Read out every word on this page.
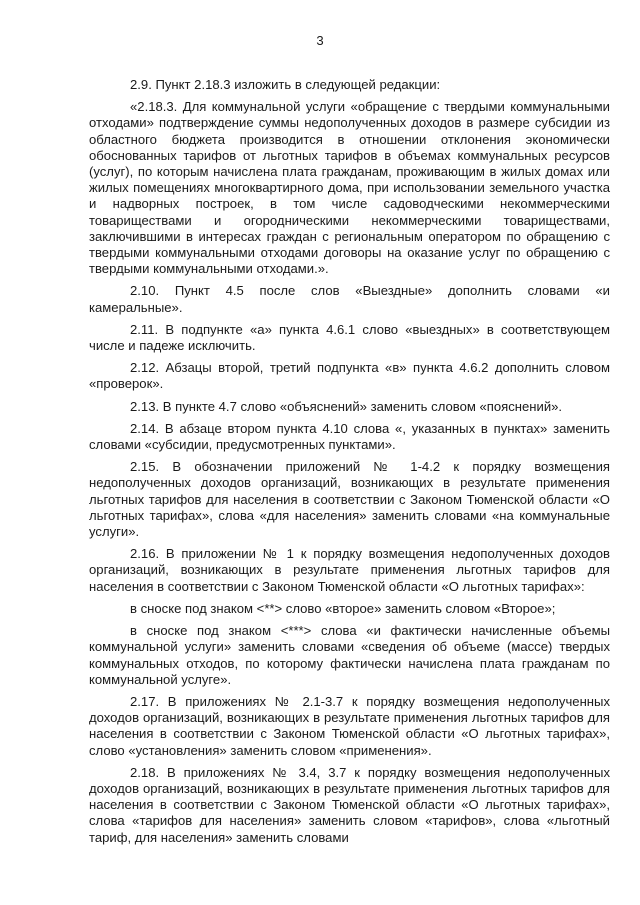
3

2.9. Пункт 2.18.3 изложить в следующей редакции:

«2.18.3. Для коммунальной услуги «обращение с твердыми коммунальными отходами» подтверждение суммы недополученных доходов в размере субсидии из областного бюджета производится в отношении отклонения экономически обоснованных тарифов от льготных тарифов в объемах коммунальных ресурсов (услуг), по которым начислена плата гражданам, проживающим в жилых домах или жилых помещениях многоквартирного дома, при использовании земельного участка и надворных построек, в том числе садоводческими некоммерческими товариществами и огородническими некоммерческими товариществами, заключившими в интересах граждан с региональным оператором по обращению с твердыми коммунальными отходами договоры на оказание услуг по обращению с твердыми коммунальными отходами.».

2.10. Пункт 4.5 после слов «Выездные» дополнить словами «и камеральные».

2.11. В подпункте «а» пункта 4.6.1 слово «выездных» в соответствующем числе и падеже исключить.

2.12. Абзацы второй, третий подпункта «в» пункта 4.6.2 дополнить словом «проверок».

2.13. В пункте 4.7 слово «объяснений» заменить словом «пояснений».

2.14. В абзаце втором пункта 4.10 слова «, указанных в пунктах» заменить словами «субсидии, предусмотренных пунктами».

2.15. В обозначении приложений № 1-4.2 к порядку возмещения недополученных доходов организаций, возникающих в результате применения льготных тарифов для населения в соответствии с Законом Тюменской области «О льготных тарифах», слова «для населения» заменить словами «на коммунальные услуги».

2.16. В приложении № 1 к порядку возмещения недополученных доходов организаций, возникающих в результате применения льготных тарифов для населения в соответствии с Законом Тюменской области «О льготных тарифах»:

в сноске под знаком <**> слово «второе» заменить словом «Второе»;

в сноске под знаком <***> слова «и фактически начисленные объемы коммунальной услуги» заменить словами «сведения об объеме (массе) твердых коммунальных отходов, по которому фактически начислена плата гражданам по коммунальной услуге».

2.17. В приложениях № 2.1-3.7 к порядку возмещения недополученных доходов организаций, возникающих в результате применения льготных тарифов для населения в соответствии с Законом Тюменской области «О льготных тарифах», слово «установления» заменить словом «применения».

2.18. В приложениях № 3.4, 3.7 к порядку возмещения недополученных доходов организаций, возникающих в результате применения льготных тарифов для населения в соответствии с Законом Тюменской области «О льготных тарифах», слова «тарифов для населения» заменить словом «тарифов», слова «льготный тариф, для населения» заменить словами
